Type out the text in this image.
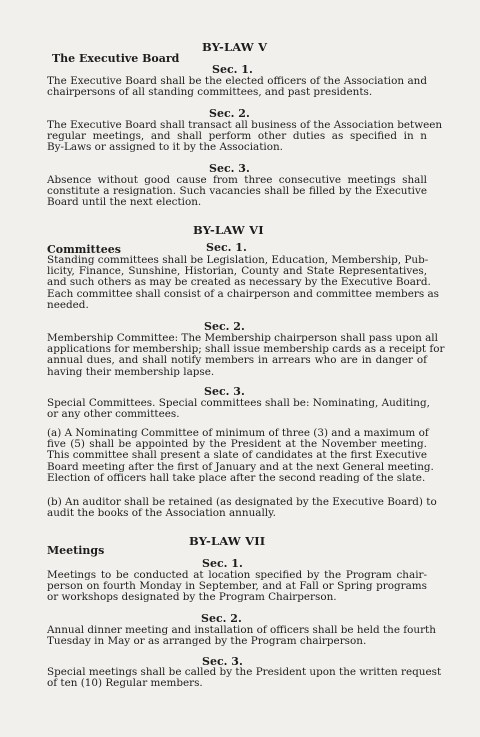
BY-LAW V
The Executive Board
Sec. 1.
The Executive Board shall be the elected officers of the Association and
chairpersons of all standing committees, and past presidents.
Sec. 2.
The Executive Board shall transact all business of the Association between
regular meetings, and shall perform other duties as specified in n
By-Laws or assigned to it by the Association.
Sec. 3.
Absence without good cause from three consecutive meetings shall
constitute a resignation. Such vacancies shall be filled by the Executive
Board until the next election.
BY-LAW VI
Committees	Sec. 1.
Standing committees shall be Legislation, Education, Membership, Pub-
licity, Finance, Sunshine, Historian, County and State Representatives,
and such others as may be created as necessary by the Executive Board.
Each committee shall consist of a chairperson and committee members as
needed.
Sec. 2.
Membership Committee: The Membership chairperson shall pass upon all
applications for membership; shall issue membership cards as a receipt for
annual dues, and shall notify members in arrears who are in danger of
having their membership lapse.
Sec. 3.
Special Committees. Special committees shall be: Nominating, Auditing,
or any other committees.
(a) A Nominating Committee of minimum of three (3) and a maximum of
five (5) shall be appointed by the President at the November meeting.
This committee shall present a slate of candidates at the first Executive
Board meeting after the first of January and at the next General meeting.
Election of officers hall take place after the second reading of the slate.
(b) An auditor shall be retained (as designated by the Executive Board) to
audit the books of the Association annually.
BY-LAW VII
Meetings
Sec. 1.
Meetings to be conducted at location specified by the Program chair-
person on fourth Monday in September, and at Fall or Spring programs
or workshops designated by the Program Chairperson.
Sec. 2.
Annual dinner meeting and installation of officers shall be held the fourth
Tuesday in May or as arranged by the Program chairperson.
Sec. 3.
Special meetings shall be called by the President upon the written request
of ten (10) Regular members.
